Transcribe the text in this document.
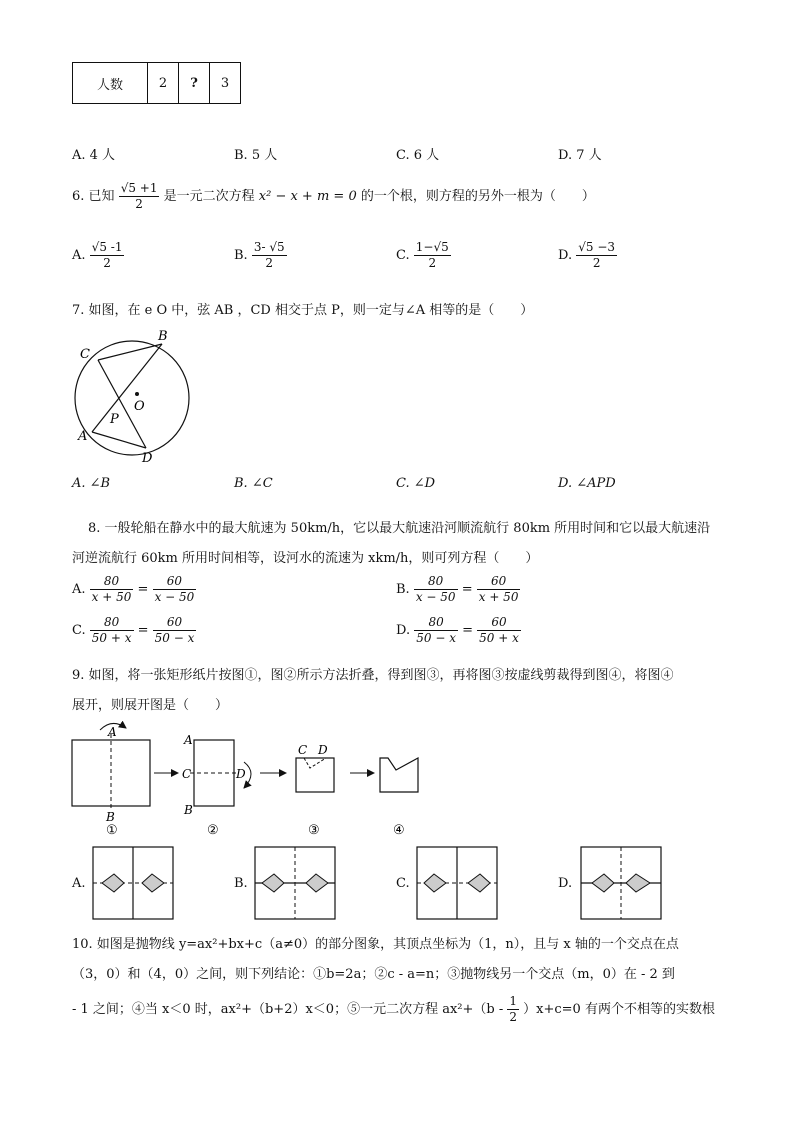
人数	2	?	3
A. 4 人	B. 5 人	C. 6 人	D. 7 人
6. 已知 $\frac{√5 +1}{2}$ 是一元二次方程 x² − x + m = 0 的一个根，则方程的另外一根为（　　）
A. $\frac{√5 -1}{2}$	B. $\frac{3- √5}{2}$	C. $\frac{1-√5}{2}$	D. $\frac{√5 -3}{2}$
7. 如图，在 e O 中，弦 AB ，CD 相交于点 P，则一定与∠A 相等的是（　　）
C
B
A
D
O
P
A. ∠B	B. ∠C	C. ∠D	D. ∠APD
8. 一般轮船在静水中的最大航速为 50km/h，它以最大航速沿河顺流航行 80km 所用时间和它以最大航速沿
河逆流航行 60km 所用时间相等，设河水的流速为 xkm/h，则可列方程（　　）
A. $\frac{80}{x + 50} = \frac{60}{x - 50}$	B. $\frac{80}{x - 50} = \frac{60}{x + 50}$
C. $\frac{80}{50 + x} = \frac{60}{50 - x}$	D. $\frac{80}{50 - x} = \frac{60}{50 + x}$
9. 如图，将一张矩形纸片按图①，图②所示方法折叠，得到图③，再将图③按虚线剪裁得到图④，将图④
展开，则展开图是（　　）
A
B
A
C	D
B
C D
①	②	③	④
A.	B.	C.	D.
10. 如图是抛物线 y=ax²+bx+c（a≠0）的部分图象，其顶点坐标为（1，n），且与 x 轴的一个交点在点
（3，0）和（4，0）之间，则下列结论：①b=2a；②c - a=n；③抛物线另一个交点（m，0）在 - 2 到
- 1 之间；④当 x＜0 时，ax²+（b+2）x＜0；⑤一元二次方程 $ax^2+(b - \frac{1}{2} )x+c=0$ 有两个不相等的实数根
